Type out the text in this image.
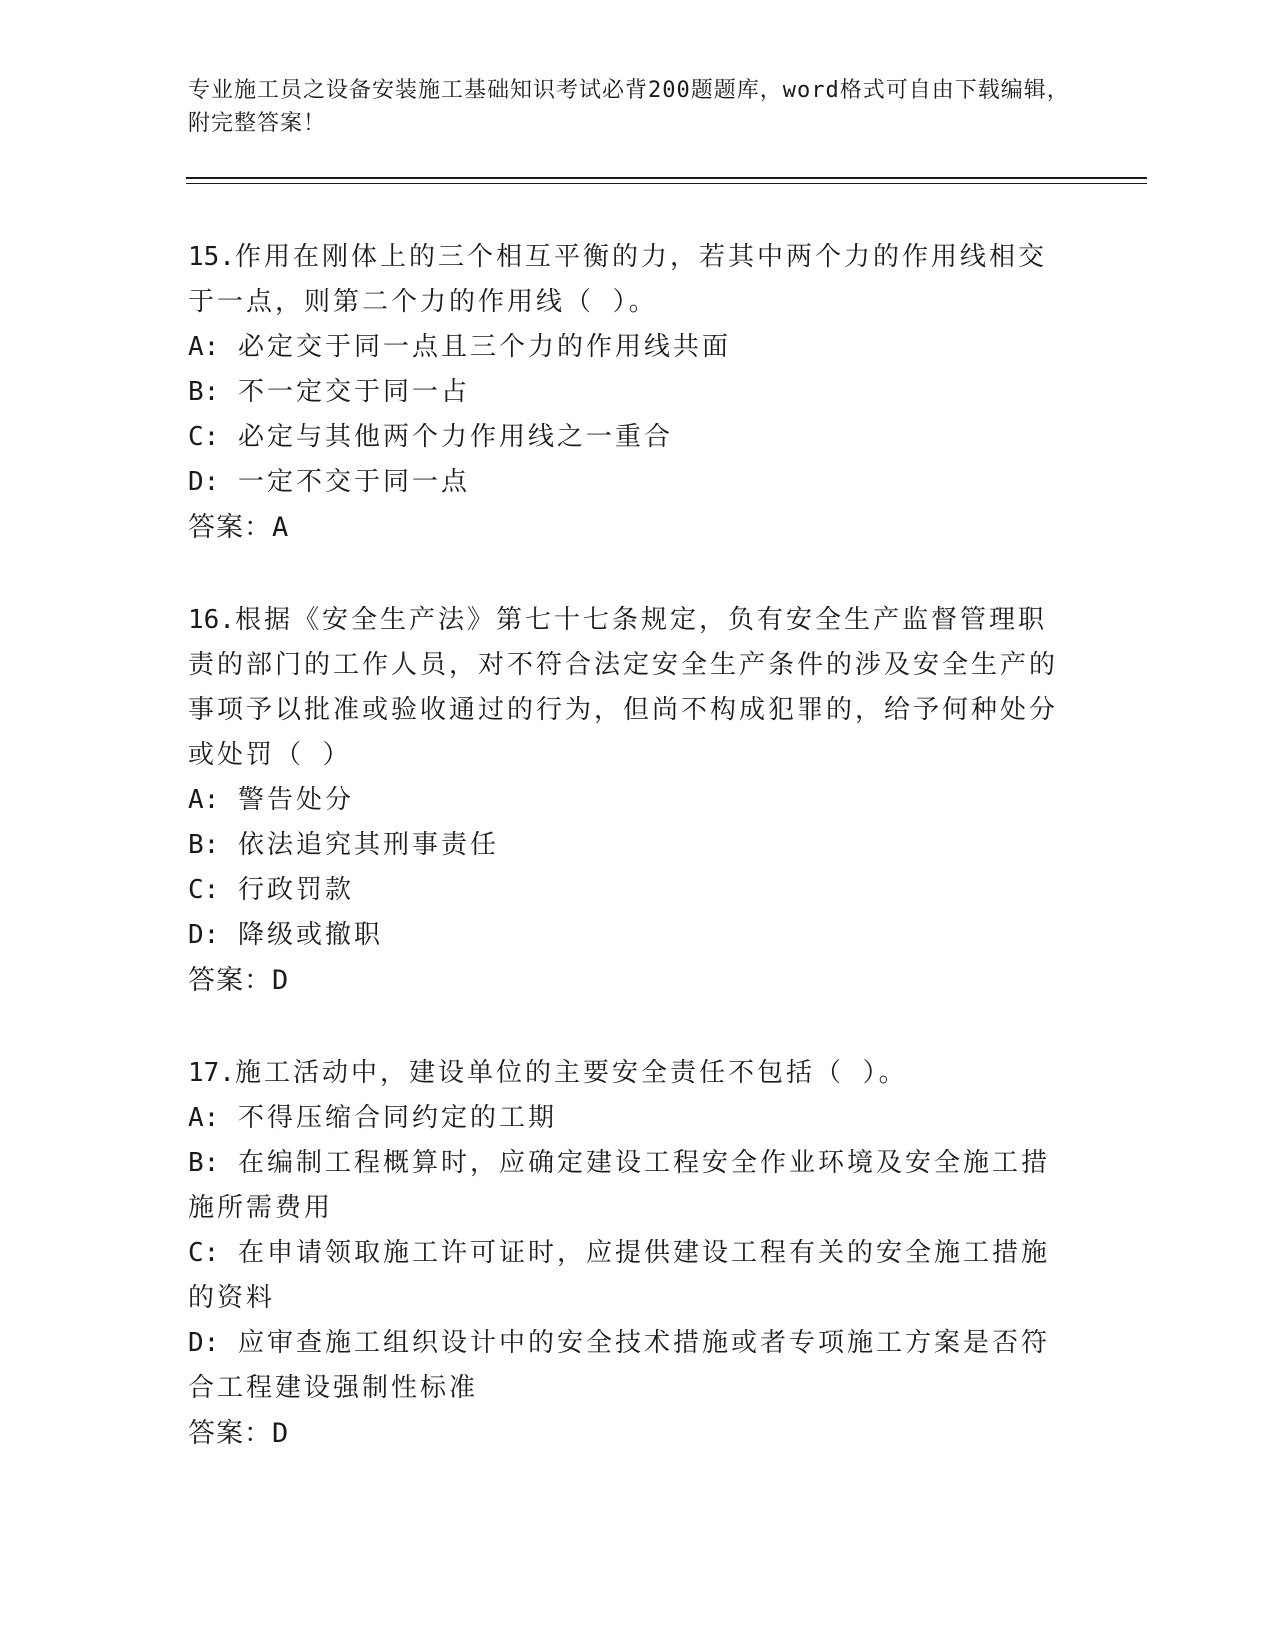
专业施工员之设备安装施工基础知识考试必背200题题库，word格式可自由下载编辑，附完整答案！

15.作用在刚体上的三个相互平衡的力，若其中两个力的作用线相交于一点，则第二个力的作用线（ ）。

A: 必定交于同一点且三个力的作用线共面

B: 不一定交于同一占

C: 必定与其他两个力作用线之一重合

D: 一定不交于同一点

答案：A

16.根据《安全生产法》第七十七条规定，负有安全生产监督管理职责的部门的工作人员，对不符合法定安全生产条件的涉及安全生产的事项予以批准或验收通过的行为，但尚不构成犯罪的，给予何种处分或处罚（ ）

A: 警告处分

B: 依法追究其刑事责任

C: 行政罚款

D: 降级或撤职

答案：D

17.施工活动中，建设单位的主要安全责任不包括（ ）。

A: 不得压缩合同约定的工期

B: 在编制工程概算时，应确定建设工程安全作业环境及安全施工措施所需费用

C: 在申请领取施工许可证时，应提供建设工程有关的安全施工措施的资料

D: 应审查施工组织设计中的安全技术措施或者专项施工方案是否符合工程建设强制性标准

答案：D
